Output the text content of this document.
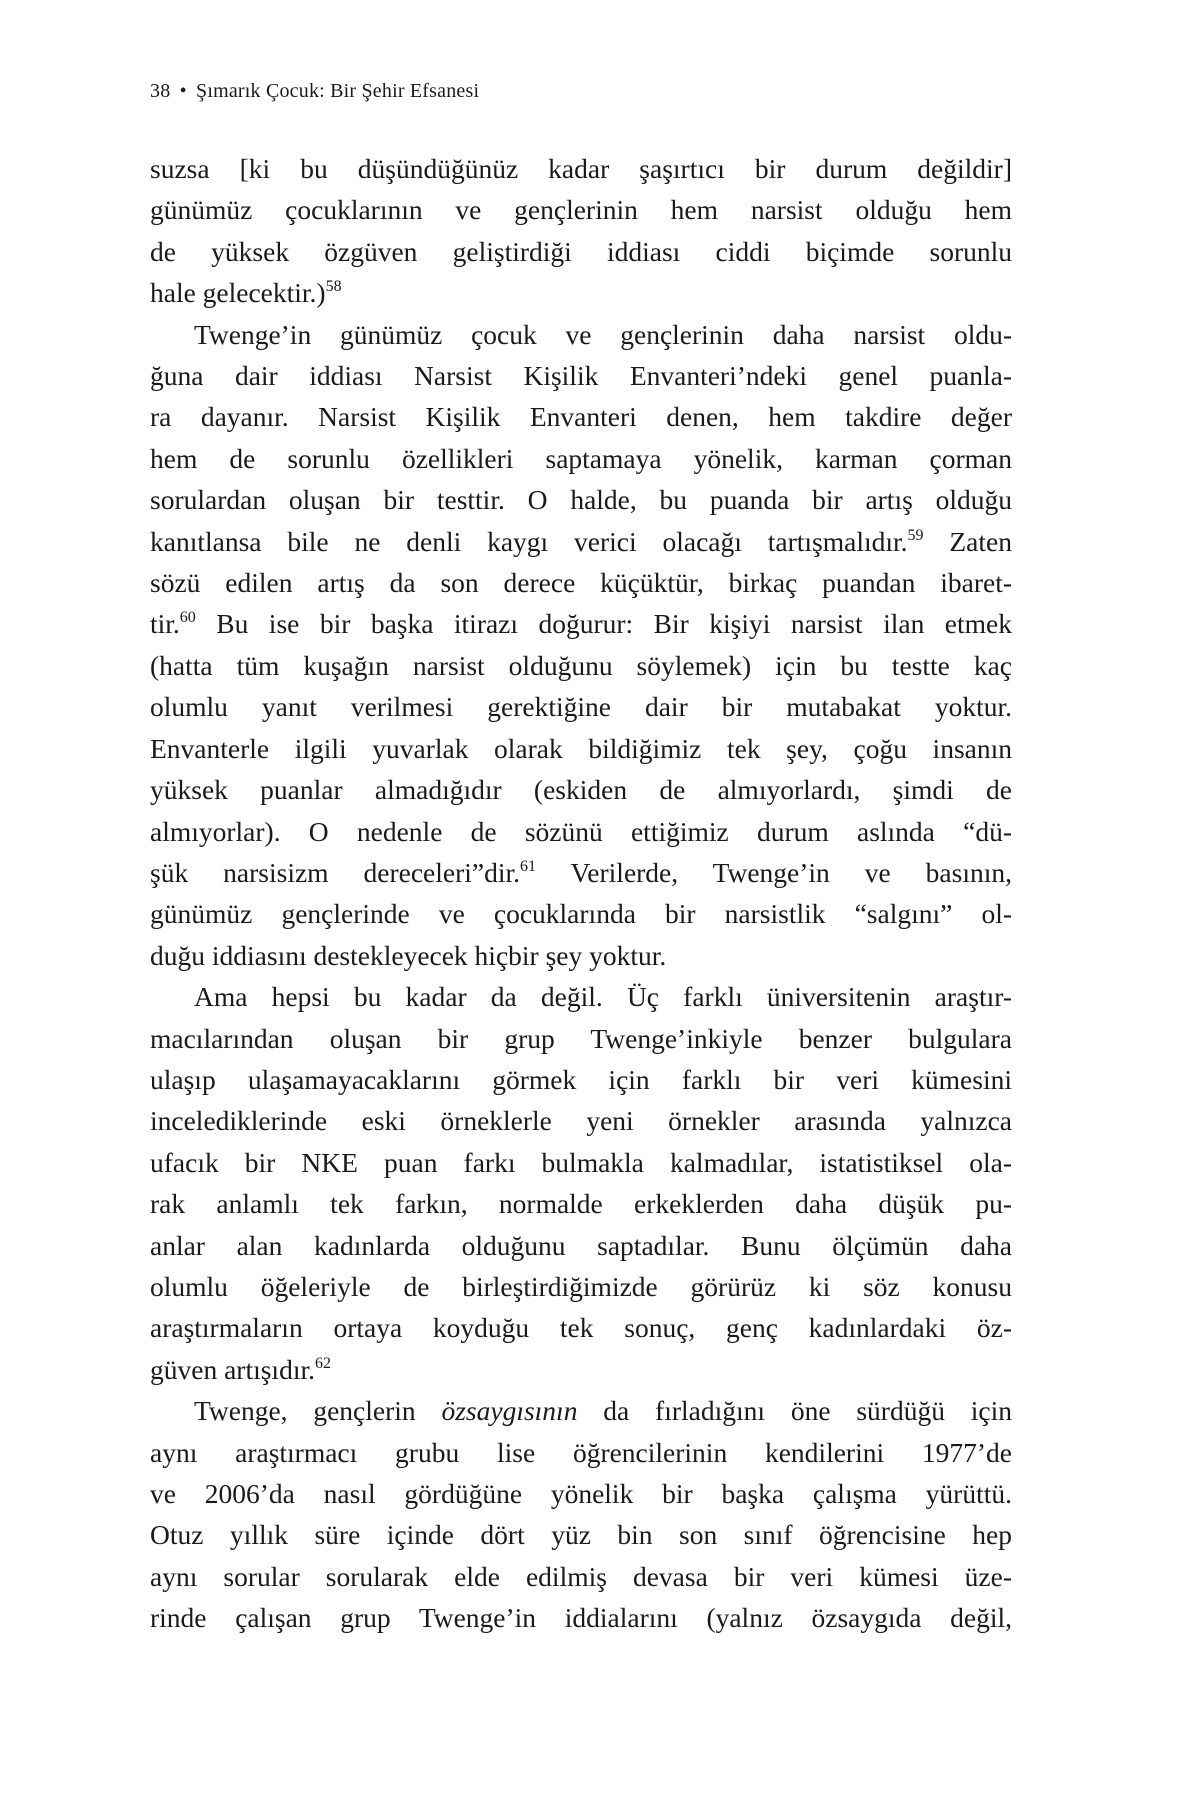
38 • Şımarık Çocuk: Bir Şehir Efsanesi
suzsa [ki bu düşündüğünüz kadar şaşırtıcı bir durum değildir]
günümüz çocuklarının ve gençlerinin hem narsist olduğu hem
de yüksek özgüven geliştirdiği iddiası ciddi biçimde sorunlu
hale gelecektir.)$^{58}$
Twenge’in günümüz çocuk ve gençlerinin daha narsist oldu-
ğuna dair iddiası Narsist Kişilik Envanteri’ndeki genel puanla-
ra dayanır. Narsist Kişilik Envanteri denen, hem takdire değer
hem de sorunlu özellikleri saptamaya yönelik, karman çorman
sorulardan oluşan bir testtir. O halde, bu puanda bir artış olduğu
kanıtlansa bile ne denli kaygı verici olacağı tartışmalıdır.$^{59}$ Zaten
sözü edilen artış da son derece küçüktür, birkaç puandan ibaret-
tir.$^{60}$ Bu ise bir başka itirazı doğurur: Bir kişiyi narsist ilan etmek
(hatta tüm kuşağın narsist olduğunu söylemek) için bu testte kaç
olumlu yanıt verilmesi gerektiğine dair bir mutabakat yoktur.
Envanterle ilgili yuvarlak olarak bildiğimiz tek şey, çoğu insanın
yüksek puanlar almadığıdır (eskiden de almıyorlardı, şimdi de
almıyorlar). O nedenle de sözünü ettiğimiz durum aslında “dü-
şük narsisizm dereceleri”dir.$^{61}$ Verilerde, Twenge’in ve basının,
günümüz gençlerinde ve çocuklarında bir narsistlik “salgını” ol-
duğu iddiasını destekleyecek hiçbir şey yoktur.
Ama hepsi bu kadar da değil. Üç farklı üniversitenin araştır-
macılarından oluşan bir grup Twenge’inkiyle benzer bulgulara
ulaşıp ulaşamayacaklarını görmek için farklı bir veri kümesini
incelediklerinde eski örneklerle yeni örnekler arasında yalnızca
ufacık bir NKE puan farkı bulmakla kalmadılar, istatistiksel ola-
rak anlamlı tek farkın, normalde erkeklerden daha düşük pu-
anlar alan kadınlarda olduğunu saptadılar. Bunu ölçümün daha
olumlu öğeleriyle de birleştirdiğimizde görürüz ki söz konusu
araştırmaların ortaya koyduğu tek sonuç, genç kadınlardaki öz-
güven artışıdır.$^{62}$
Twenge, gençlerin özsaygısının da fırladığını öne sürdüğü için
aynı araştırmacı grubu lise öğrencilerinin kendilerini 1977’de
ve 2006’da nasıl gördüğüne yönelik bir başka çalışma yürüttü.
Otuz yıllık süre içinde dört yüz bin son sınıf öğrencisine hep
aynı sorular sorularak elde edilmiş devasa bir veri kümesi üze-
rinde çalışan grup Twenge’in iddialarını (yalnız özsaygıda değil,
